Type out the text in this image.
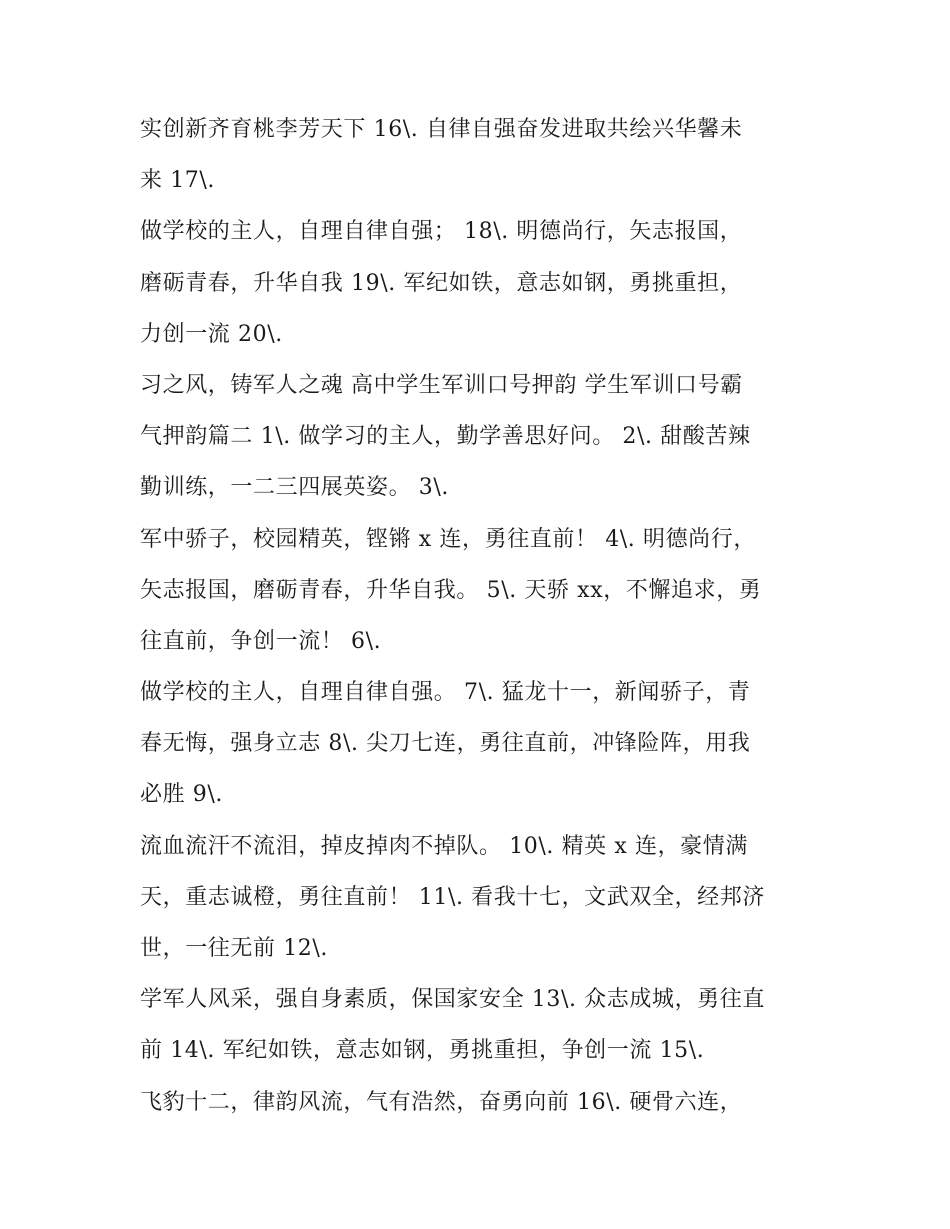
实创新齐育桃李芳天下 16\. 自律自强奋发进取共绘兴华馨未
来 17\.
做学校的主人，自理自律自强； 18\. 明德尚行，矢志报国，
磨砺青春，升华自我 19\. 军纪如铁，意志如钢，勇挑重担，
力创一流 20\.
习之风，铸军人之魂 高中学生军训口号押韵 学生军训口号霸
气押韵篇二 1\. 做学习的主人，勤学善思好问。 2\. 甜酸苦辣
勤训练，一二三四展英姿。 3\.
军中骄子，校园精英，铿锵 x 连，勇往直前！ 4\. 明德尚行，
矢志报国，磨砺青春，升华自我。 5\. 天骄 xx，不懈追求，勇
往直前，争创一流！ 6\.
做学校的主人，自理自律自强。 7\. 猛龙十一，新闻骄子，青
春无悔，强身立志 8\. 尖刀七连，勇往直前，冲锋险阵，用我
必胜 9\.
流血流汗不流泪，掉皮掉肉不掉队。 10\. 精英 x 连，豪情满
天，重志诚橙，勇往直前！ 11\. 看我十七，文武双全，经邦济
世，一往无前 12\.
学军人风采，强自身素质，保国家安全 13\. 众志成城，勇往直
前 14\. 军纪如铁，意志如钢，勇挑重担，争创一流 15\.
飞豹十二，律韵风流，气有浩然，奋勇向前 16\. 硬骨六连，
